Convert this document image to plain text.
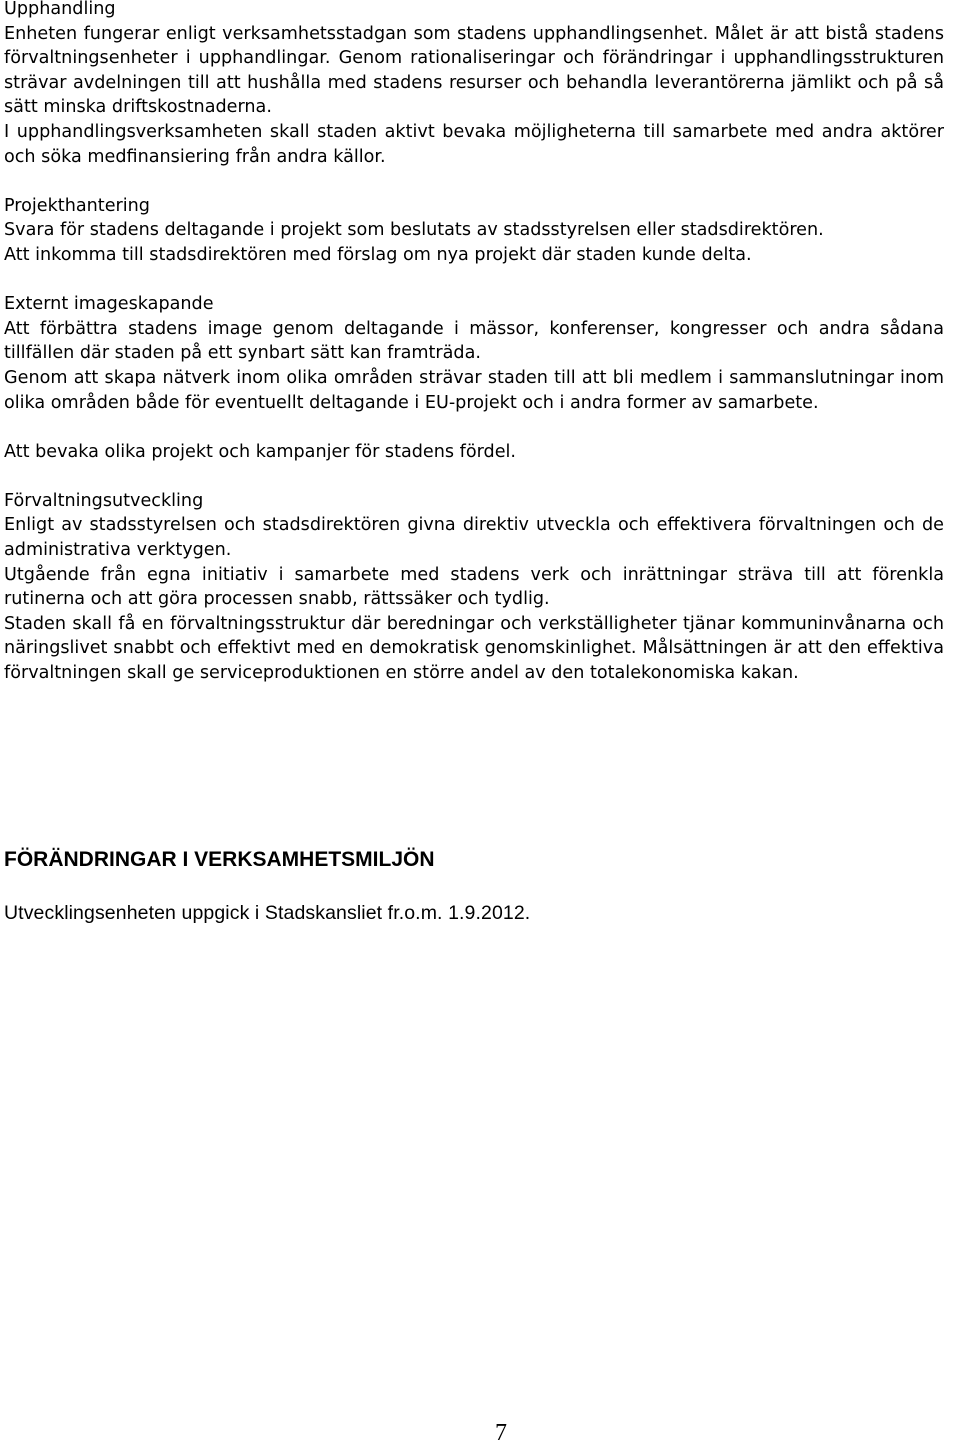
Upphandling

Enheten fungerar enligt verksamhetsstadgan som stadens upphandlingsenhet. Målet är att bistå stadens förvaltningsenheter i upphandlingar. Genom rationaliseringar och förändringar i upphandlingsstrukturen strävar avdelningen till att hushålla med stadens resurser och behandla leverantörerna jämlikt och på så sätt minska driftskostnaderna.

I upphandlingsverksamheten skall staden aktivt bevaka möjligheterna till samarbete med andra aktörer och söka medfinansiering från andra källor.

Projekthantering

Svara för stadens deltagande i projekt som beslutats av stadsstyrelsen eller stadsdirektören.

Att inkomma till stadsdirektören med förslag om nya projekt där staden kunde delta.

Externt imageskapande

Att förbättra stadens image genom deltagande i mässor, konferenser, kongresser och andra sådana tillfällen där staden på ett synbart sätt kan framträda.

Genom att skapa nätverk inom olika områden strävar staden till att bli medlem i sammanslutningar inom olika områden både för eventuellt deltagande i EU-projekt och i andra former av samarbete.

Att bevaka olika projekt och kampanjer för stadens fördel.

Förvaltningsutveckling

Enligt av stadsstyrelsen och stadsdirektören givna direktiv utveckla och effektivera förvaltningen och de administrativa verktygen.

Utgående från egna initiativ i samarbete med stadens verk och inrättningar sträva till att förenkla rutinerna och att göra processen snabb, rättssäker och tydlig.

Staden skall få en förvaltningsstruktur där beredningar och verkställigheter tjänar kommuninvånarna och näringslivet snabbt och effektivt med en demokratisk genomskinlighet. Målsättningen är att den effektiva förvaltningen skall ge serviceproduktionen en större andel av den totalekonomiska kakan.

FÖRÄNDRINGAR I VERKSAMHETSMILJÖN

Utvecklingsenheten uppgick i Stadskansliet fr.o.m. 1.9.2012.

7
